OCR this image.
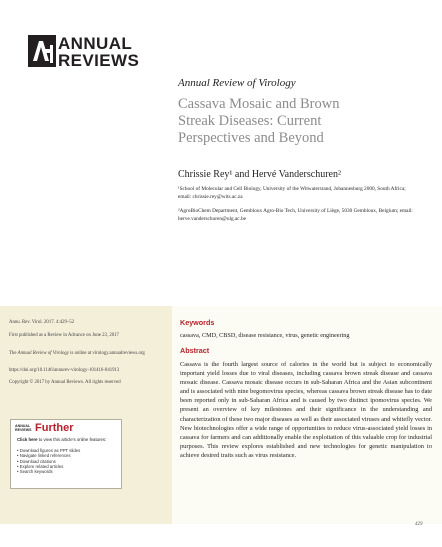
ANNUAL
REVIEWS
Annual Review of Virology
Cassava Mosaic and Brown
Streak Diseases: Current
Perspectives and Beyond
Chrissie Rey¹ and Hervé Vanderschuren²
¹School of Molecular and Cell Biology, University of the Witwatersrand, Johannesburg 2000, South Africa; email: chrissie.rey@wits.ac.za
²AgroBioChem Department, Gembloux Agro-Bio Tech, University of Liège, 5030 Gembloux, Belgium; email: herve.vanderschuren@ulg.ac.be
Annu. Rev. Virol. 2017. 4:429–52
First published as a Review in Advance on June 23, 2017
The Annual Review of Virology is online at virology.annualreviews.org
https://doi.org/10.1146/annurev-virology-101416-041913
Copyright © 2017 by Annual Reviews. All rights reserved
ANNUAL
REVIEWS Further
Click here to view this article's online features:
• Download figures as PPT slides
• Navigate linked references
• Download citations
• Explore related articles
• Search keywords
Keywords
cassava, CMD, CBSD, disease resistance, virus, genetic engineering
Abstract
Cassava is the fourth largest source of calories in the world but is subject to economically important yield losses due to viral diseases, including cassava brown streak disease and cassava mosaic disease. Cassava mosaic disease occurs in sub-Saharan Africa and the Asian subcontinent and is associated with nine begomovirus species, whereas cassava brown streak disease has to date been reported only in sub-Saharan Africa and is caused by two distinct ipomovirus species. We present an overview of key milestones and their significance in the understanding and characterization of these two major diseases as well as their associated viruses and whitefly vector. New biotechnologies offer a wide range of opportunities to reduce virus-associated yield losses in cassava for farmers and can additionally enable the exploitation of this valuable crop for industrial purposes. This review explores established and new technologies for genetic manipulation to achieve desired traits such as virus resistance.
429
